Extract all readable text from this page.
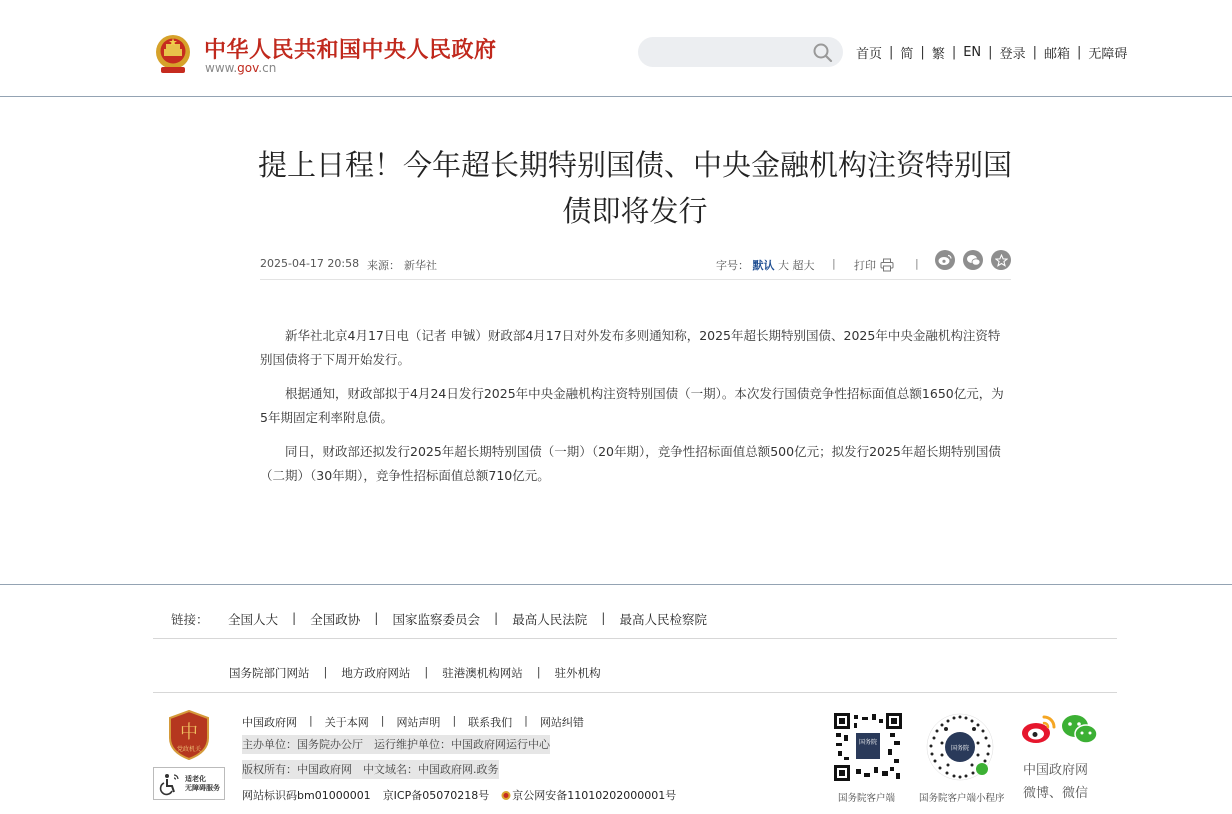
中华人民共和国中央人民政府
www.gov.cn
首页 | 简 | 繁 | EN | 登录 | 邮箱 | 无障碍
提上日程！今年超长期特别国债、中央金融机构注资特别国债即将发行
2025-04-17 20:58 来源： 新华社	字号： 默认 大 超大 | 打印	|

新华社北京4月17日电（记者 申铖）财政部4月17日对外发布多则通知称，2025年超长期特别国债、2025年中央金融机构注资特别国债将于下周开始发行。

根据通知，财政部拟于4月24日发行2025年中央金融机构注资特别国债（一期）。本次发行国债竞争性招标面值总额1650亿元，为5年期固定利率附息债。

同日，财政部还拟发行2025年超长期特别国债（一期）（20年期），竞争性招标面值总额500亿元；拟发行2025年超长期特别国债（二期）（30年期），竞争性招标面值总额710亿元。

链接：	全国人大 | 全国政协 | 国家监察委员会 | 最高人民法院 | 最高人民检察院
国务院部门网站 | 地方政府网站 | 驻港澳机构网站 | 驻外机构
中
党政机关
适老化
无障碍服务
中国政府网 | 关于本网 | 网站声明 | 联系我们 | 网站纠错
主办单位：国务院办公厅　运行维护单位：中国政府网运行中心
版权所有：中国政府网　中文域名：中国政府网.政务
网站标识码bm01000001 京ICP备05070218号 京公网安备11010202000001号
国务院
国务院客户端
国务院
国务院客户端小程序
中国政府网
微博、微信
